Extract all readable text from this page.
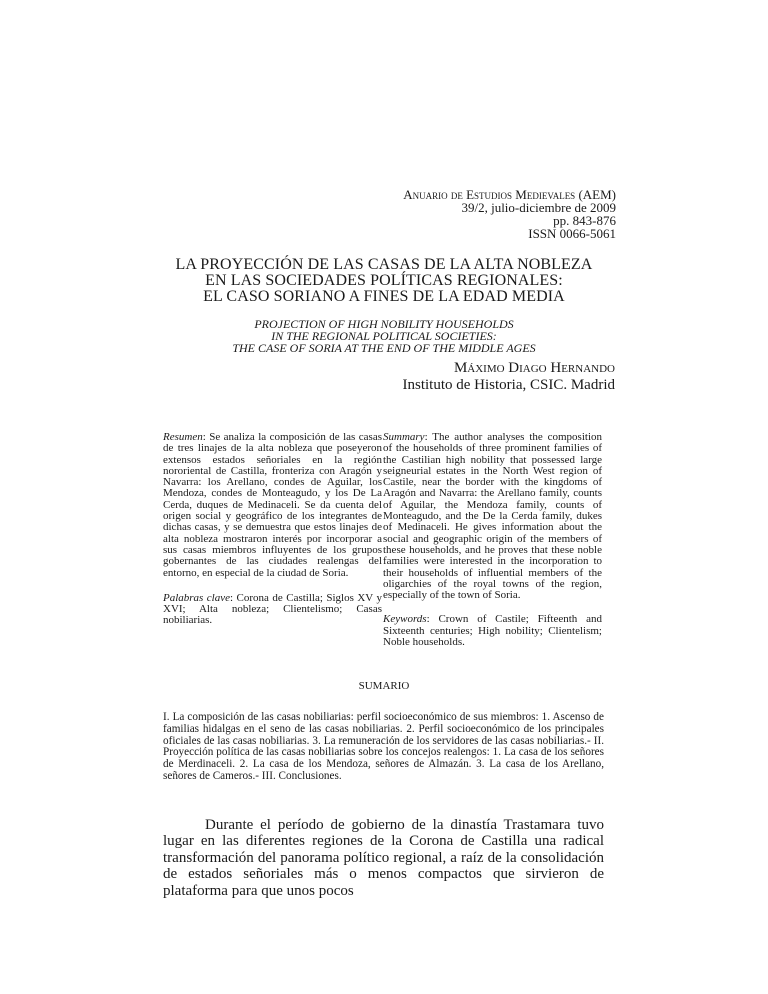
Anuario de Estudios Medievales (AEM)
39/2, julio-diciembre de 2009
pp. 843-876
ISSN 0066-5061
LA PROYECCIÓN DE LAS CASAS DE LA ALTA NOBLEZA
EN LAS SOCIEDADES POLÍTICAS REGIONALES:
EL CASO SORIANO A FINES DE LA EDAD MEDIA
PROJECTION OF HIGH NOBILITY HOUSEHOLDS
IN THE REGIONAL POLITICAL SOCIETIES:
THE CASE OF SORIA AT THE END OF THE MIDDLE AGES
Máximo Diago Hernando
Instituto de Historia, CSIC. Madrid

Resumen: Se analiza la composición de las casas de tres linajes de la alta nobleza que poseyeron extensos estados señoriales en la región nororiental de Castilla, fronteriza con Aragón y Navarra: los Arellano, condes de Aguilar, los Mendoza, condes de Monteagudo, y los De La Cerda, duques de Medinaceli. Se da cuenta del origen social y geográfico de los integrantes de dichas casas, y se demuestra que estos linajes de alta nobleza mostraron interés por incorporar a sus casas miembros influyentes de los grupos gobernantes de las ciudades realengas del entorno, en especial de la ciudad de Soria.

Palabras clave: Corona de Castilla; Siglos XV y XVI; Alta nobleza; Clientelismo; Casas nobiliarias.

Summary: The author analyses the composition of the households of three prominent families of the Castilian high nobility that possessed large seigneurial estates in the North West region of Castile, near the border with the kingdoms of Aragón and Navarra: the Arellano family, counts of Aguilar, the Mendoza family, counts of Monteagudo, and the De la Cerda family, dukes of Medinaceli. He gives information about the social and geographic origin of the members of these households, and he proves that these noble families were interested in the incorporation to their households of influential members of the oligarchies of the royal towns of the region, especially of the town of Soria.

Keywords: Crown of Castile; Fifteenth and Sixteenth centuries; High nobility; Clientelism; Noble households.

SUMARIO

I. La composición de las casas nobiliarias: perfil socioeconómico de sus miembros: 1. Ascenso de familias hidalgas en el seno de las casas nobiliarias. 2. Perfil socioeconómico de los principales oficiales de las casas nobiliarias. 3. La remuneración de los servidores de las casas nobiliarias.- II. Proyección política de las casas nobiliarias sobre los concejos realengos: 1. La casa de los señores de Merdinaceli. 2. La casa de los Mendoza, señores de Almazán. 3. La casa de los Arellano, señores de Cameros.- III. Conclusiones.

Durante el período de gobierno de la dinastía Trastamara tuvo lugar en las diferentes regiones de la Corona de Castilla una radical transformación del panorama político regional, a raíz de la consolidación de estados señoriales más o menos compactos que sirvieron de plataforma para que unos pocos
